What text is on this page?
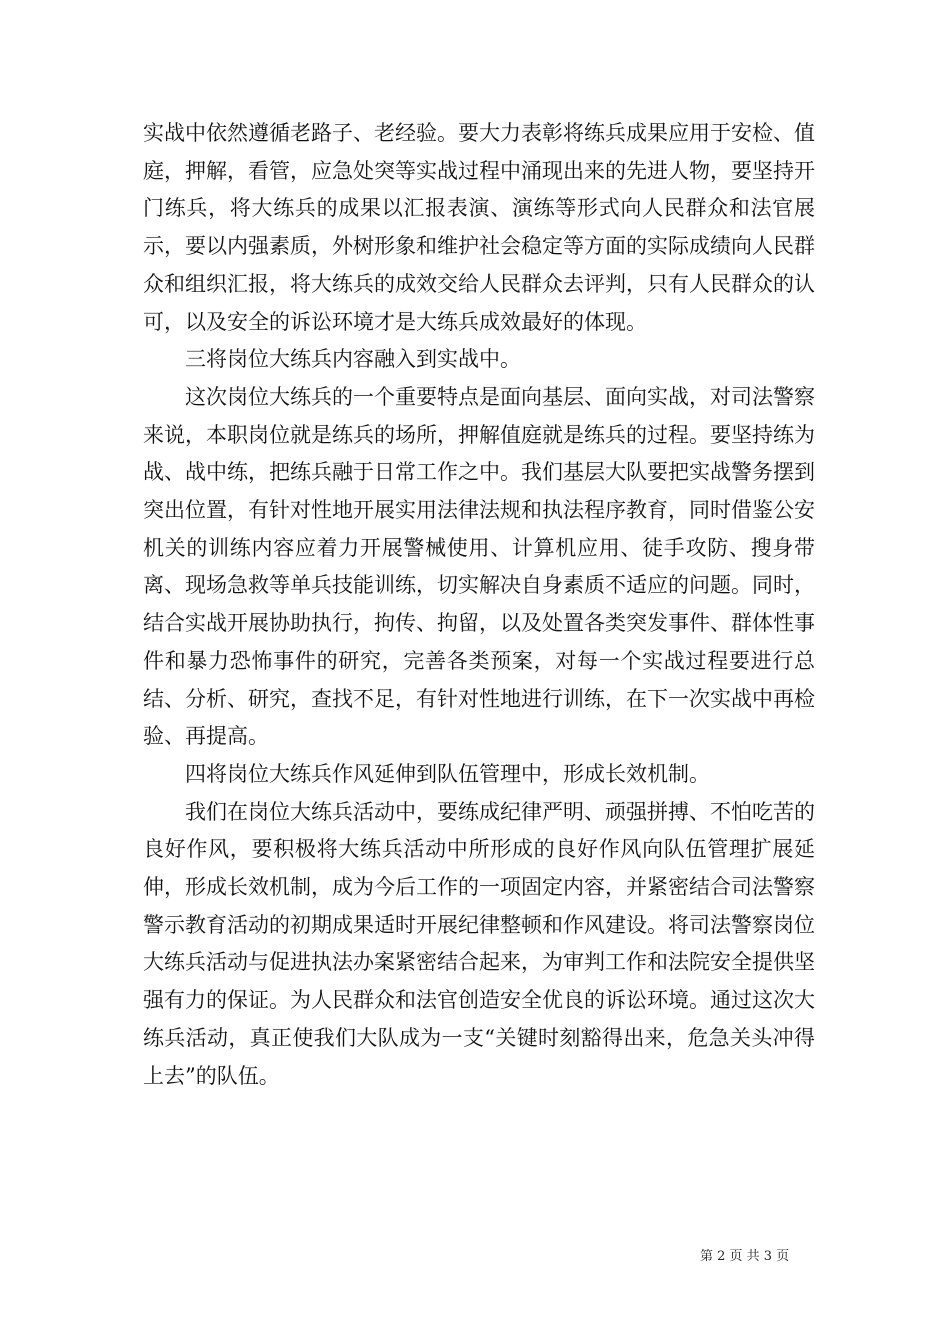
实战中依然遵循老路子、老经验。要大力表彰将练兵成果应用于安检、值庭，押解，看管，应急处突等实战过程中涌现出来的先进人物，要坚持开门练兵，将大练兵的成果以汇报表演、演练等形式向人民群众和法官展示，要以内强素质，外树形象和维护社会稳定等方面的实际成绩向人民群众和组织汇报，将大练兵的成效交给人民群众去评判，只有人民群众的认可，以及安全的诉讼环境才是大练兵成效最好的体现。

三将岗位大练兵内容融入到实战中。

这次岗位大练兵的一个重要特点是面向基层、面向实战，对司法警察来说，本职岗位就是练兵的场所，押解值庭就是练兵的过程。要坚持练为战、战中练，把练兵融于日常工作之中。我们基层大队要把实战警务摆到突出位置，有针对性地开展实用法律法规和执法程序教育，同时借鉴公安机关的训练内容应着力开展警械使用、计算机应用、徒手攻防、搜身带离、现场急救等单兵技能训练，切实解决自身素质不适应的问题。同时，结合实战开展协助执行，拘传、拘留，以及处置各类突发事件、群体性事件和暴力恐怖事件的研究，完善各类预案，对每一个实战过程要进行总结、分析、研究，查找不足，有针对性地进行训练，在下一次实战中再检验、再提高。

四将岗位大练兵作风延伸到队伍管理中，形成长效机制。

我们在岗位大练兵活动中，要练成纪律严明、顽强拼搏、不怕吃苦的良好作风，要积极将大练兵活动中所形成的良好作风向队伍管理扩展延伸，形成长效机制，成为今后工作的一项固定内容，并紧密结合司法警察警示教育活动的初期成果适时开展纪律整顿和作风建设。将司法警察岗位大练兵活动与促进执法办案紧密结合起来，为审判工作和法院安全提供坚强有力的保证。为人民群众和法官创造安全优良的诉讼环境。通过这次大练兵活动，真正使我们大队成为一支“关键时刻豁得出来，危急关头冲得上去”的队伍。

第 2 页 共 3 页
